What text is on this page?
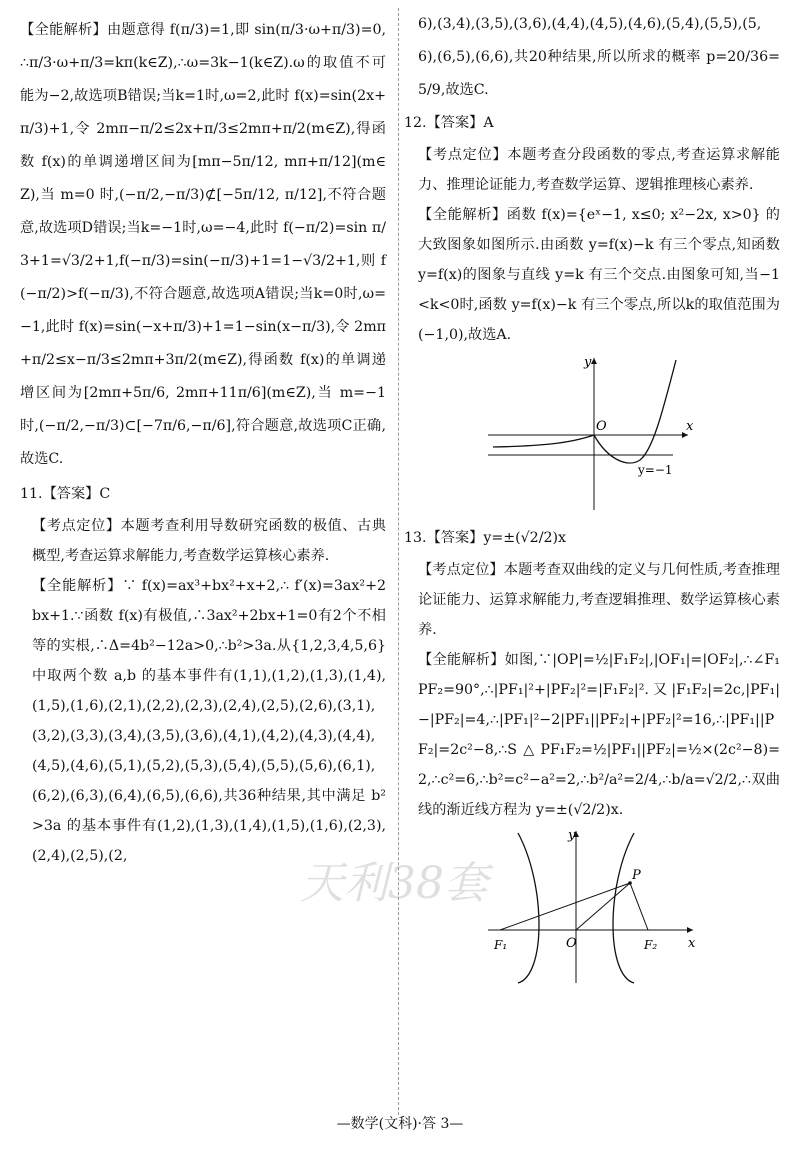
【全能解析】由题意得 f(π/3)=1,即 sin(π/3·ω+π/3)=0,∴π/3·ω+π/3=kπ(k∈Z),∴ω=3k−1(k∈Z).ω的取值不可能为−2,故选项B错误;当k=1时,ω=2,此时 f(x)=sin(2x+π/3)+1,令 2mπ−π/2≤2x+π/3≤2mπ+π/2(m∈Z),得函数 f(x)的单调递增区间为[mπ−5π/12, mπ+π/12](m∈Z),当 m=0 时,(−π/2,−π/3)⊄[−5π/12, π/12],不符合题意,故选项D错误;当k=−1时,ω=−4,此时 f(−π/2)=sin π/3+1=√3/2+1,f(−π/3)=sin(−π/3)+1=1−√3/2+1,则 f(−π/2)>f(−π/3),不符合题意,故选项A错误;当k=0时,ω=−1,此时 f(x)=sin(−x+π/3)+1=1−sin(x−π/3),令 2mπ+π/2≤x−π/3≤2mπ+3π/2(m∈Z),得函数 f(x)的单调递增区间为[2mπ+5π/6, 2mπ+11π/6](m∈Z),当 m=−1 时,(−π/2,−π/3)⊂[−7π/6,−π/6],符合题意,故选项C正确,故选C.

11.【答案】C

【考点定位】本题考查利用导数研究函数的极值、古典概型,考查运算求解能力,考查数学运算核心素养.

【全能解析】∵ f(x)=ax³+bx²+x+2,∴ f′(x)=3ax²+2bx+1.∵函数 f(x)有极值,∴3ax²+2bx+1=0有2个不相等的实根,∴Δ=4b²−12a>0,∴b²>3a.从{1,2,3,4,5,6}中取两个数 a,b 的基本事件有(1,1),(1,2),(1,3),(1,4),(1,5),(1,6),(2,1),(2,2),(2,3),(2,4),(2,5),(2,6),(3,1),(3,2),(3,3),(3,4),(3,5),(3,6),(4,1),(4,2),(4,3),(4,4),(4,5),(4,6),(5,1),(5,2),(5,3),(5,4),(5,5),(5,6),(6,1),(6,2),(6,3),(6,4),(6,5),(6,6),共36种结果,其中满足 b²>3a 的基本事件有(1,2),(1,3),(1,4),(1,5),(1,6),(2,3),(2,4),(2,5),(2,

6),(3,4),(3,5),(3,6),(4,4),(4,5),(4,6),(5,4),(5,5),(5,6),(6,5),(6,6),共20种结果,所以所求的概率 p=20/36=5/9,故选C.

12.【答案】A

【考点定位】本题考查分段函数的零点,考查运算求解能力、推理论证能力,考查数学运算、逻辑推理核心素养.

【全能解析】函数 f(x)={eˣ−1, x≤0; x²−2x, x>0} 的大致图象如图所示.由函数 y=f(x)−k 有三个零点,知函数 y=f(x)的图象与直线 y=k 有三个交点.由图象可知,当−1<k<0时,函数 y=f(x)−k 有三个零点,所以k的取值范围为(−1,0),故选A.

y
x
O
y=−1

13.【答案】y=±(√2/2)x

【考点定位】本题考查双曲线的定义与几何性质,考查推理论证能力、运算求解能力,考查逻辑推理、数学运算核心素养.

【全能解析】如图,∵|OP|=½|F₁F₂|,|OF₁|=|OF₂|,∴∠F₁PF₂=90°,∴|PF₁|²+|PF₂|²=|F₁F₂|².又|F₁F₂|=2c,|PF₁|−|PF₂|=4,∴|PF₁|²−2|PF₁||PF₂|+|PF₂|²=16,∴|PF₁||PF₂|=2c²−8,∴S△PF₁F₂=½|PF₁||PF₂|=½×(2c²−8)=2,∴c²=6,∴b²=c²−a²=2,∴b²/a²=2/4,∴b/a=√2/2,∴双曲线的渐近线方程为 y=±(√2/2)x.

y
x
O
P
F₁	F₂
天利38套
—数学(文科)·答 3—
